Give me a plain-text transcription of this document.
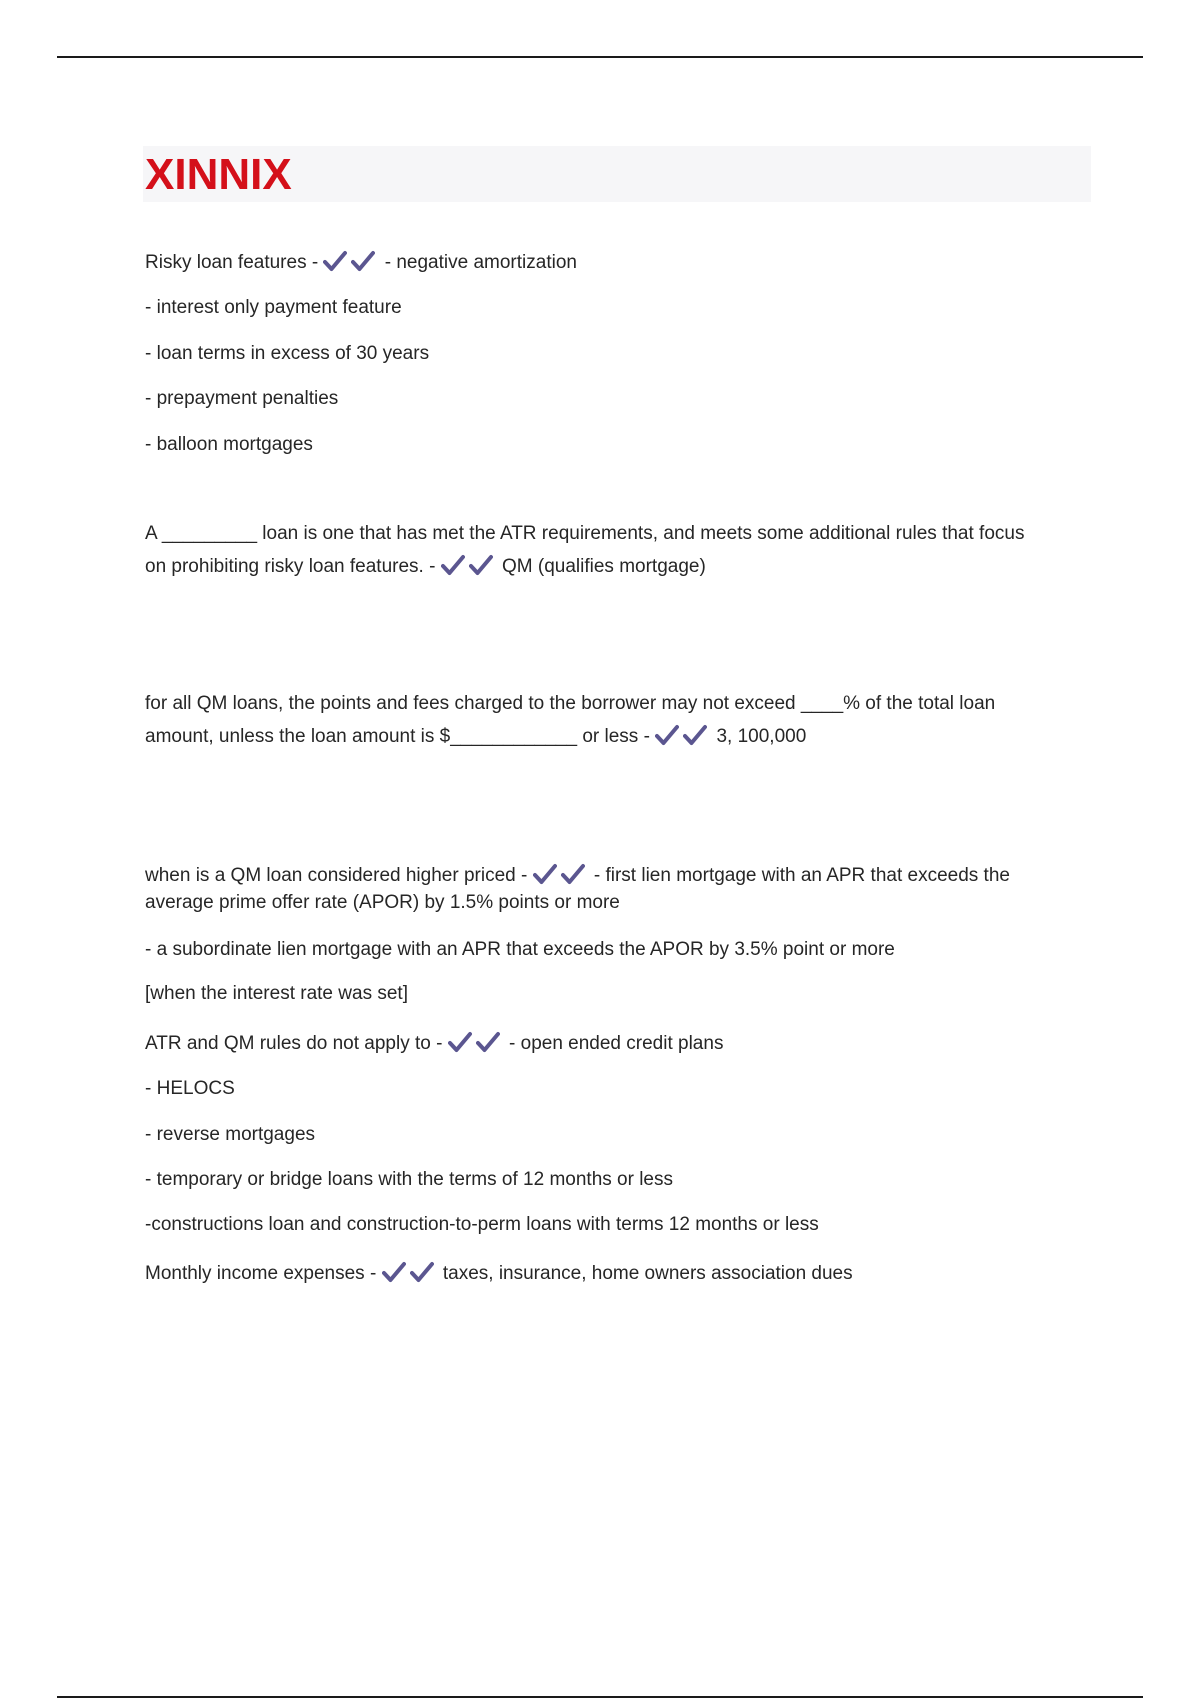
XINNIX
Risky loan features -	- negative amortization
- interest only payment feature
- loan terms in excess of 30 years
- prepayment penalties
- balloon mortgages
A _________ loan is one that has met the ATR requirements, and meets some additional rules that focus
on prohibiting risky loan features. -	QM (qualifies mortgage)
for all QM loans, the points and fees charged to the borrower may not exceed ____% of the total loan
amount, unless the loan amount is $____________ or less -	3, 100,000
when is a QM loan considered higher priced -	- first lien mortgage with an APR that exceeds the
average prime offer rate (APOR) by 1.5% points or more
- a subordinate lien mortgage with an APR that exceeds the APOR by 3.5% point or more
[when the interest rate was set]
ATR and QM rules do not apply to -	- open ended credit plans
- HELOCS
- reverse mortgages
- temporary or bridge loans with the terms of 12 months or less
-constructions loan and construction-to-perm loans with terms 12 months or less
Monthly income expenses -	taxes, insurance, home owners association dues
